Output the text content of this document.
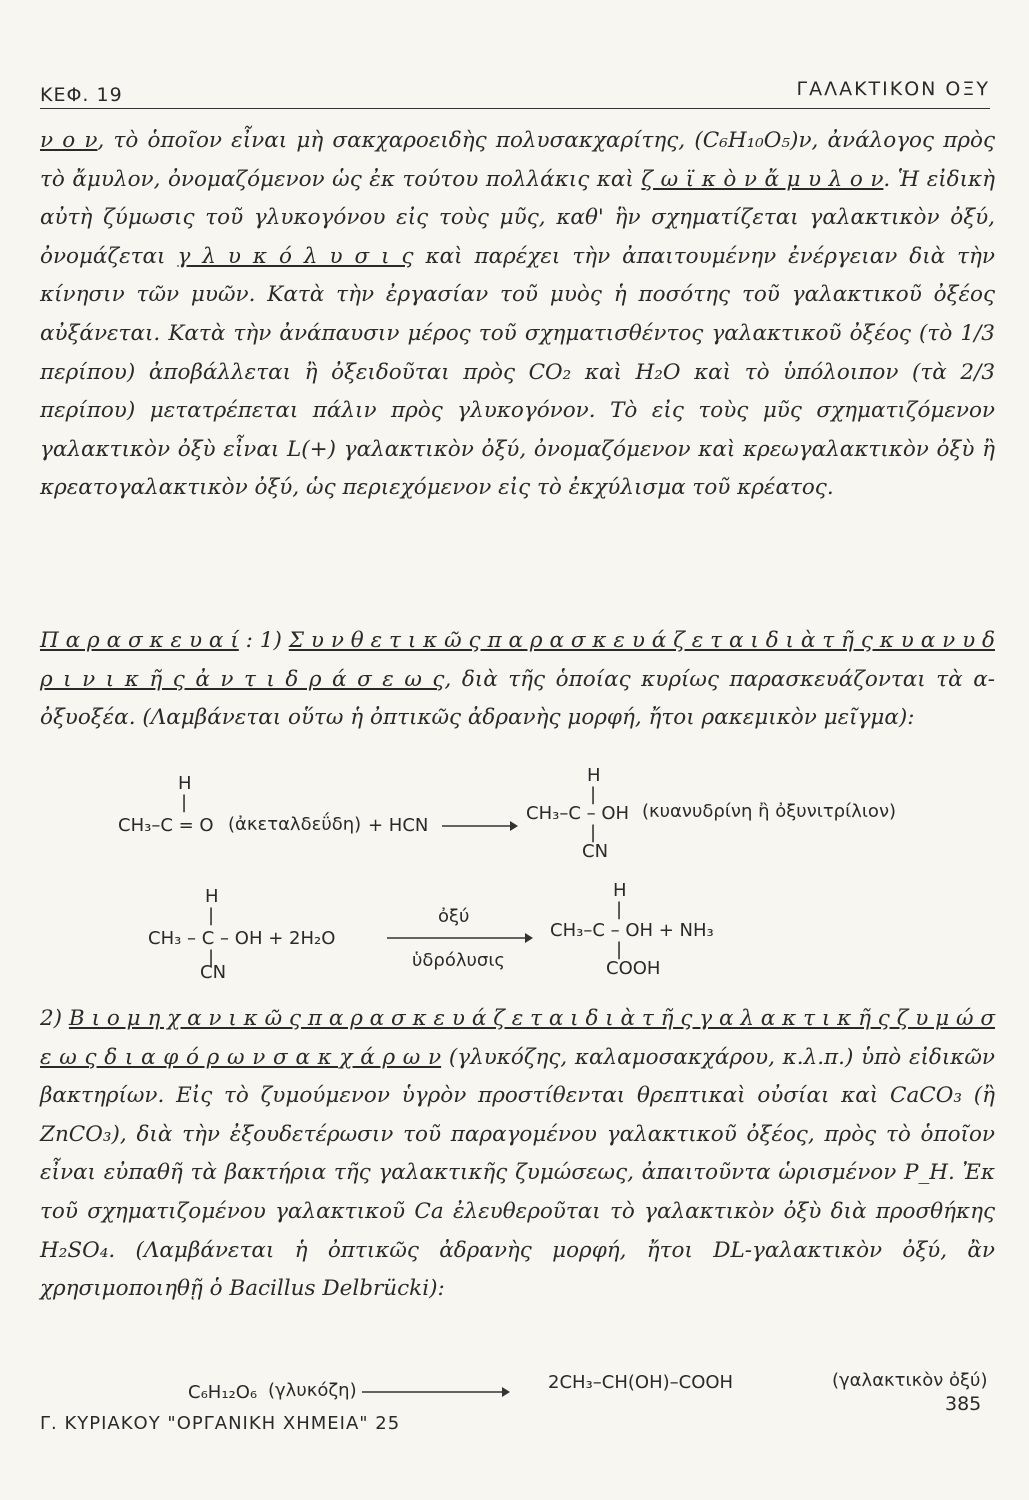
ΚΕΦ. 19	ΓΑΛΑΚΤΙΚΟΝ ΟΞΥ

ν ο ν, τὸ ὁποῖον εἶναι μὴ σακχαροειδὴς πολυσακχαρίτης, (C₆H₁₀O₅)ν, ἀνάλογος πρὸς τὸ ἄμυλον, ὀνομαζόμενον ὡς ἐκ τούτου πολλάκις καὶ ζ ω ϊ κ ὸ ν ἄ μ υ λ ο ν. Ἡ εἰδικὴ αὐτὴ ζύμωσις τοῦ γλυκογόνου εἰς τοὺς μῦς, καθ' ἣν σχηματίζεται γαλακτικὸν ὀξύ, ὀνομάζεται γ λ υ κ ό λ υ σ ι ς καὶ παρέχει τὴν ἀπαιτουμένην ἐνέργειαν διὰ τὴν κίνησιν τῶν μυῶν. Κατὰ τὴν ἐργασίαν τοῦ μυὸς ἡ ποσότης τοῦ γαλακτικοῦ ὀξέος αὐξάνεται. Κατὰ τὴν ἀνάπαυσιν μέρος τοῦ σχηματισθέντος γαλακτικοῦ ὀξέος (τὸ 1/3 περίπου) ἀποβάλλεται ἢ ὀξειδοῦται πρὸς CO₂ καὶ H₂O καὶ τὸ ὑπόλοιπον (τὰ 2/3 περίπου) μετατρέπεται πάλιν πρὸς γλυκογόνον. Τὸ εἰς τοὺς μῦς σχηματιζόμενον γαλακτικὸν ὀξὺ εἶναι L(+) γαλακτικὸν ὀξύ, ὀνομαζόμενον καὶ κρεωγαλακτικὸν ὀξὺ ἢ κρεατογαλακτικὸν ὀξύ, ὡς περιεχόμενον εἰς τὸ ἐκχύλισμα τοῦ κρέατος.

Π α ρ α σ κ ε υ α ί : 1) Σ υ ν θ ε τ ι κ ῶ ς π α ρ α σ κ ε υ ά ζ ε τ α ι δ ι ὰ τ ῆ ς κ υ α ν υ δ ρ ι ν ι κ ῆ ς ἀ ν τ ι δ ρ ά σ ε ω ς, διὰ τῆς ὁποίας κυρίως παρασκευάζονται τὰ α-ὀξυοξέα. (Λαμβάνεται οὕτω ἡ ὀπτικῶς ἀδρανὴς μορφή, ἤτοι ρακεμικὸν μεῖγμα):

H
|
CH₃–C = O (ἀκεταλδεΰδη) + HCN
H
|
CH₃–C – OH (κυανυδρίνη ἢ ὀξυνιτρίλιον)
|
CN
H
|
CH₃ – C – OH + 2H₂O
|
CN
ὀξύ
ὑδρόλυσις
H
|
CH₃–C – OH + NH₃
|
COOH

2) Β ι ο μ η χ α ν ι κ ῶ ς π α ρ α σ κ ε υ ά ζ ε τ α ι δ ι ὰ τ ῆ ς γ α λ α κ τ ι κ ῆ ς ζ υ μ ώ σ ε ω ς δ ι α φ ό ρ ω ν σ α κ χ ά ρ ω ν (γλυκόζης, καλαμοσακχάρου, κ.λ.π.) ὑπὸ εἰδικῶν βακτηρίων. Εἰς τὸ ζυμούμενον ὑγρὸν προστίθενται θρεπτικαὶ οὐσίαι καὶ CaCO₃ (ἢ ZnCO₃), διὰ τὴν ἐξουδετέρωσιν τοῦ παραγομένου γαλακτικοῦ ὀξέος, πρὸς τὸ ὁποῖον εἶναι εὐπαθῆ τὰ βακτήρια τῆς γαλακτικῆς ζυμώσεως, ἀπαιτοῦντα ὡρισμένον P_H. Ἐκ τοῦ σχηματιζομένου γαλακτικοῦ Ca ἐλευθεροῦται τὸ γαλακτικὸν ὀξὺ διὰ προσθήκης H₂SO₄. (Λαμβάνεται ἡ ὀπτικῶς ἀδρανὴς μορφή, ἤτοι DL-γαλακτικὸν ὀξύ, ἂν χρησιμοποιηθῇ ὁ Bacillus Delbrücki):

C₆H₁₂O₆ (γλυκόζη)	2CH₃–CH(OH)–COOH	(γαλακτικὸν ὀξύ)
Γ. ΚΥΡΙΑΚΟΥ "ΟΡΓΑΝΙΚΗ ΧΗΜΕΙΑ" 25
385
